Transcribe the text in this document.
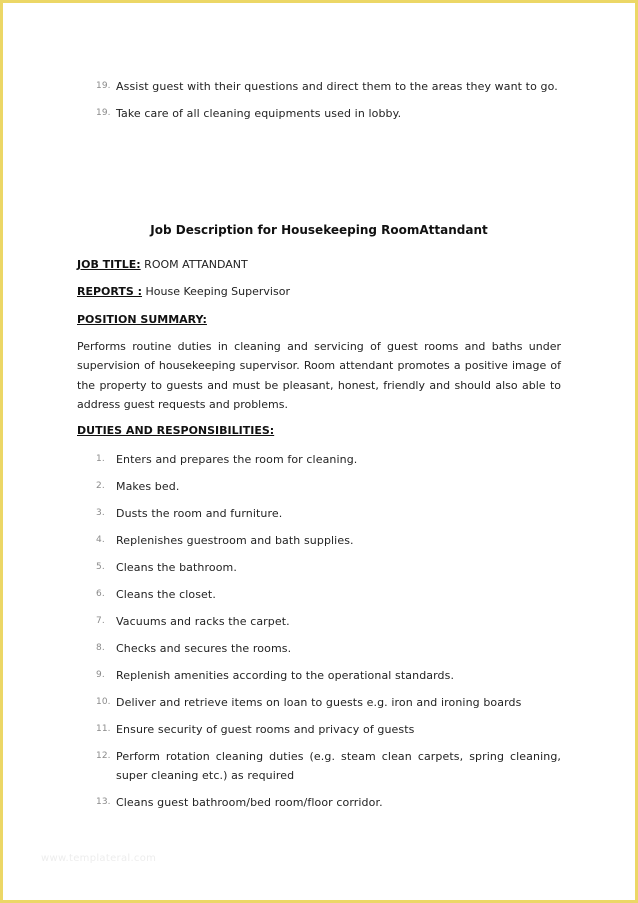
19. Assist guest with their questions and direct them to the areas they want to go.
19. Take care of all cleaning equipments used in lobby.
Job Description for Housekeeping RoomAttandant
JOB TITLE: ROOM ATTANDANT
REPORTS : House Keeping Supervisor
POSITION SUMMARY:
Performs routine duties in cleaning and servicing of guest rooms and baths under supervision of housekeeping supervisor. Room attendant promotes a positive image of the property to guests and must be pleasant, honest, friendly and should also able to address guest requests and problems.
DUTIES AND RESPONSIBILITIES:
1. Enters and prepares the room for cleaning.
2. Makes bed.
3. Dusts the room and furniture.
4. Replenishes guestroom and bath supplies.
5. Cleans the bathroom.
6. Cleans the closet.
7. Vacuums and racks the carpet.
8. Checks and secures the rooms.
9. Replenish amenities according to the operational standards.
10. Deliver and retrieve items on loan to guests e.g. iron and ironing boards
11. Ensure security of guest rooms and privacy of guests
12. Perform rotation cleaning duties (e.g. steam clean carpets, spring cleaning, super cleaning etc.) as required
13. Cleans guest bathroom/bed room/floor corridor.
www.templateral.com
